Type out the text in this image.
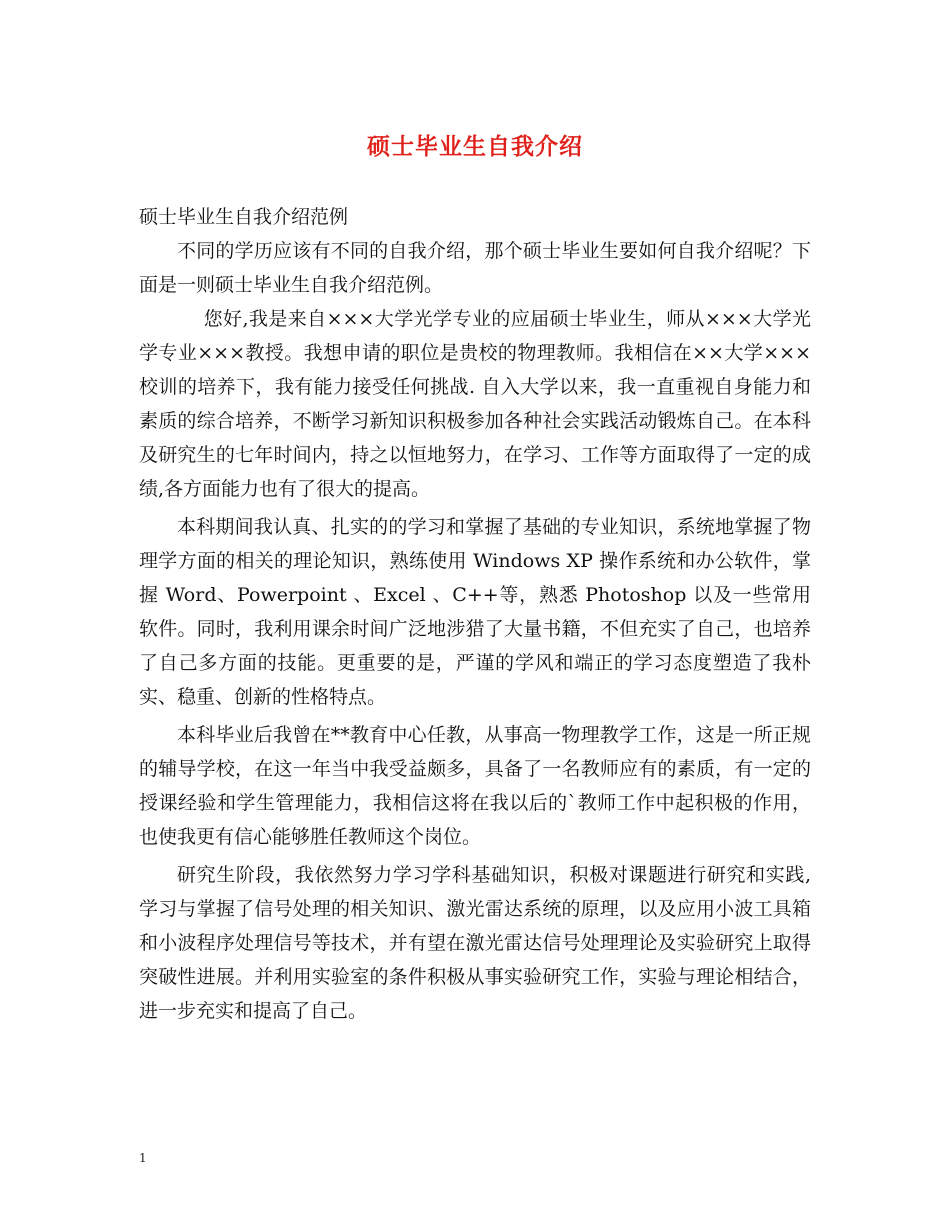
硕士毕业生自我介绍

硕士毕业生自我介绍范例

不同的学历应该有不同的自我介绍，那个硕士毕业生要如何自我介绍呢？下面是一则硕士毕业生自我介绍范例。

您好,我是来自×××大学光学专业的应届硕士毕业生，师从×××大学光学专业×××教授。我想申请的职位是贵校的物理教师。我相信在××大学×××校训的培养下，我有能力接受任何挑战. 自入大学以来，我一直重视自身能力和素质的综合培养，不断学习新知识积极参加各种社会实践活动锻炼自己。在本科及研究生的七年时间内，持之以恒地努力，在学习、工作等方面取得了一定的成绩,各方面能力也有了很大的提高。

本科期间我认真、扎实的的学习和掌握了基础的专业知识，系统地掌握了物理学方面的相关的理论知识，熟练使用 Windows XP 操作系统和办公软件，掌握 Word、Powerpoint 、Excel 、C++等，熟悉 Photoshop 以及一些常用软件。同时，我利用课余时间广泛地涉猎了大量书籍，不但充实了自己，也培养了自己多方面的技能。更重要的是，严谨的学风和端正的学习态度塑造了我朴实、稳重、创新的性格特点。

本科毕业后我曾在**教育中心任教，从事高一物理教学工作，这是一所正规的辅导学校，在这一年当中我受益颇多，具备了一名教师应有的素质，有一定的授课经验和学生管理能力，我相信这将在我以后的`教师工作中起积极的作用，也使我更有信心能够胜任教师这个岗位。

研究生阶段，我依然努力学习学科基础知识，积极对课题进行研究和实践, 学习与掌握了信号处理的相关知识、激光雷达系统的原理，以及应用小波工具箱和小波程序处理信号等技术，并有望在激光雷达信号处理理论及实验研究上取得突破性进展。并利用实验室的条件积极从事实验研究工作，实验与理论相结合，进一步充实和提高了自己。

1
